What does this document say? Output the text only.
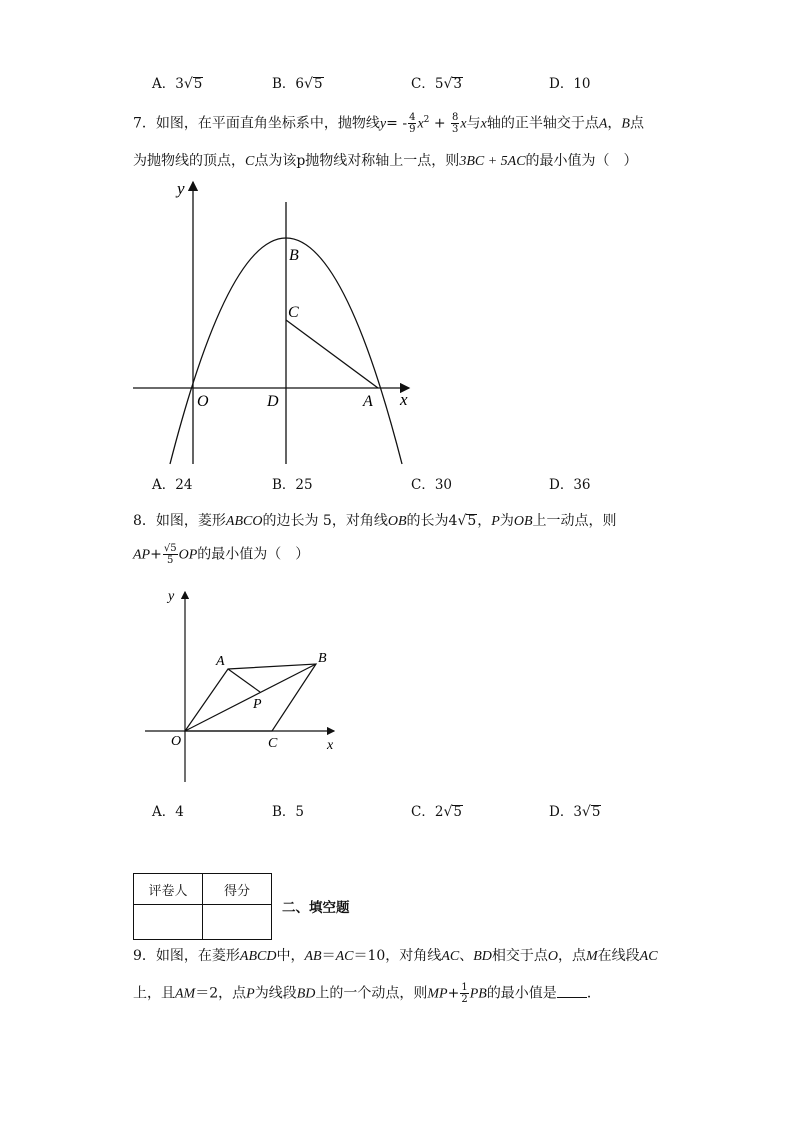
A．3√5	B．6√5	C．5√3	D．10
7．如图，在平面直角坐标系中，抛物线$y= - \frac{4}{9} x^2 + \frac{8}{3}$ x与x轴的正半轴交于点A，B点
为抛物线的顶点，C点为该p抛物线对称轴上一点，则3BC + 5AC的最小值为（　）
y
x
B
C
O	D	A
A．24	B．25	C．30	D．36
8．如图，菱形ABCO的边长为 5，对角线OB的长为4√5，P为OB上一动点，则
$AP+ \frac{√5}{5}$ OP的最小值为（　）
y
x
A	B
P
O	C
A．4	B．5	C．2√5	D．3√5
评卷人	得分

二、填空题
9．如图，在菱形ABCD中，AB＝AC＝10，对角线AC、BD相交于点O，点M在线段AC
上，且AM＝2，点P为线段BD上的一个动点，则$MP+ \frac{1}{2}$ PB的最小值是 ．
